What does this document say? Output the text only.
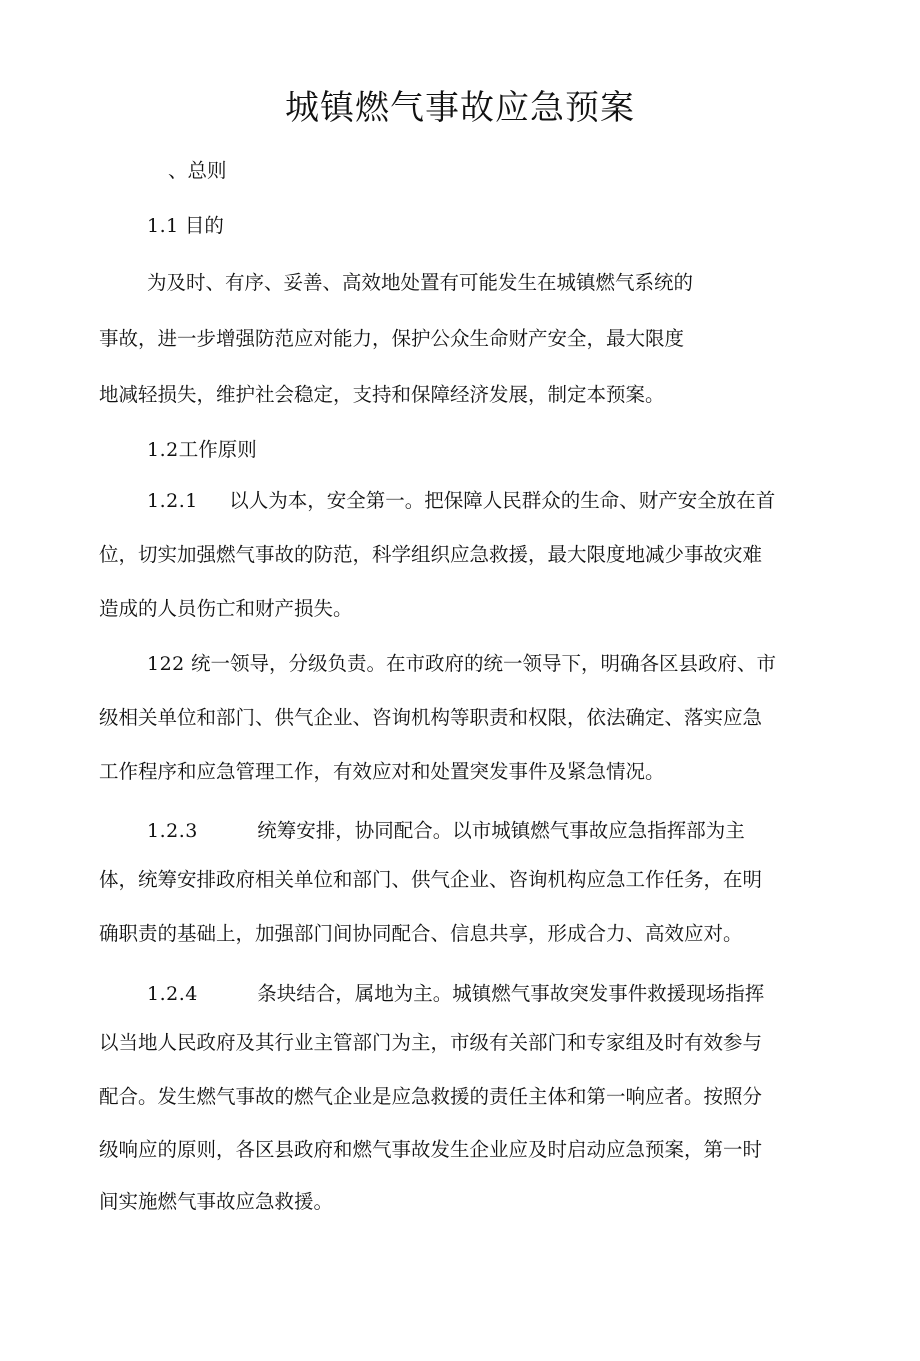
城镇燃气事故应急预案
、总则
1.1 目的
为及时、有序、妥善、高效地处置有可能发生在城镇燃气系统的
事故，进一步增强防范应对能力，保护公众生命财产安全，最大限度
地减轻损失，维护社会稳定，支持和保障经济发展，制定本预案。
1.2工作原则
1.2.1 以人为本，安全第一。把保障人民群众的生命、财产安全放在首
位，切实加强燃气事故的防范，科学组织应急救援，最大限度地减少事故灾难
造成的人员伤亡和财产损失。
122 统一领导，分级负责。在市政府的统一领导下，明确各区县政府、市
级相关单位和部门、供气企业、咨询机构等职责和权限，依法确定、落实应急
工作程序和应急管理工作，有效应对和处置突发事件及紧急情况。
1.2.3	统筹安排，协同配合。以市城镇燃气事故应急指挥部为主
体，统筹安排政府相关单位和部门、供气企业、咨询机构应急工作任务，在明
确职责的基础上，加强部门间协同配合、信息共享，形成合力、高效应对。
1.2.4	条块结合，属地为主。城镇燃气事故突发事件救援现场指挥
以当地人民政府及其行业主管部门为主，市级有关部门和专家组及时有效参与
配合。发生燃气事故的燃气企业是应急救援的责任主体和第一响应者。按照分
级响应的原则，各区县政府和燃气事故发生企业应及时启动应急预案，第一时
间实施燃气事故应急救援。
